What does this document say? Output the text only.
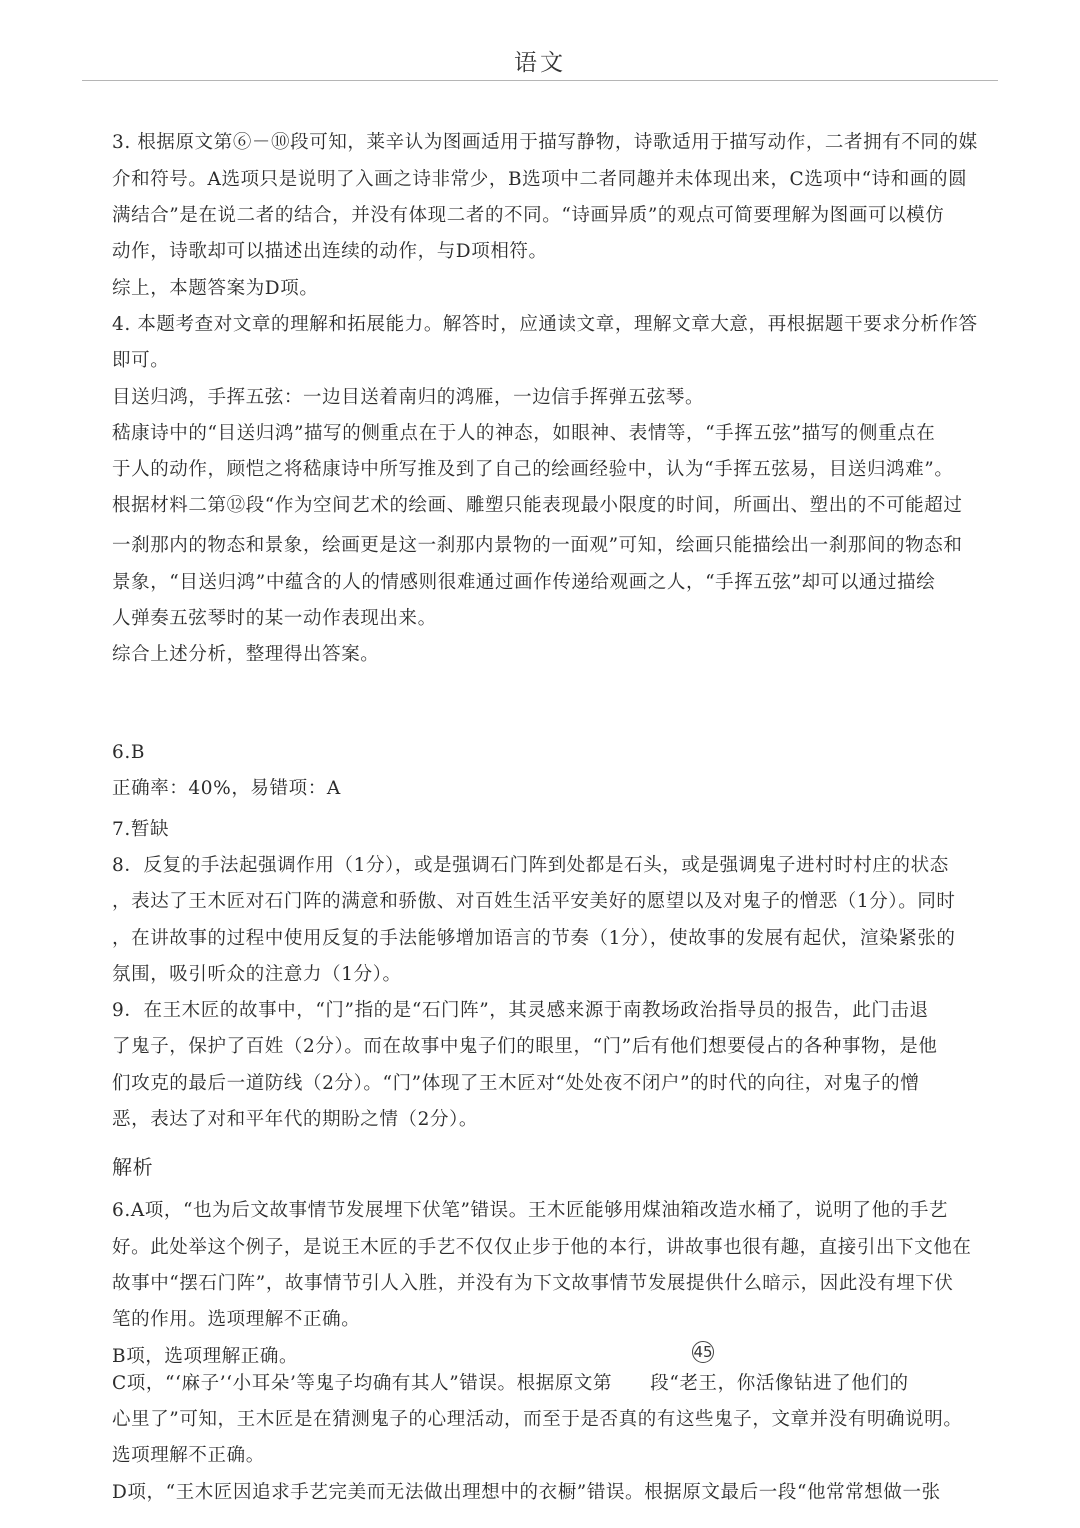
语文
3. 根据原文第⑥－⑩段可知，莱辛认为图画适用于描写静物，诗歌适用于描写动作，二者拥有不同的媒
介和符号。A选项只是说明了入画之诗非常少，B选项中二者同趣并未体现出来，C选项中“诗和画的圆
满结合”是在说二者的结合，并没有体现二者的不同。“诗画异质”的观点可简要理解为图画可以模仿
动作，诗歌却可以描述出连续的动作，与D项相符。
综上，本题答案为D项。
4. 本题考查对文章的理解和拓展能力。解答时，应通读文章，理解文章大意，再根据题干要求分析作答
即可。
目送归鸿，手挥五弦：一边目送着南归的鸿雁，一边信手挥弹五弦琴。
嵇康诗中的“目送归鸿”描写的侧重点在于人的神态，如眼神、表情等，“手挥五弦”描写的侧重点在
于人的动作，顾恺之将嵇康诗中所写推及到了自己的绘画经验中，认为“手挥五弦易，目送归鸿难”。
根据材料二第⑫段“作为空间艺术的绘画、雕塑只能表现最小限度的时间，所画出、塑出的不可能超过
一刹那内的物态和景象，绘画更是这一刹那内景物的一面观”可知，绘画只能描绘出一刹那间的物态和
景象，“目送归鸿”中蕴含的人的情感则很难通过画作传递给观画之人，“手挥五弦”却可以通过描绘
人弹奏五弦琴时的某一动作表现出来。
综合上述分析，整理得出答案。
6.B
正确率：40%，易错项：A
7.暂缺
8．反复的手法起强调作用（1分），或是强调石门阵到处都是石头，或是强调鬼子进村时村庄的状态
，表达了王木匠对石门阵的满意和骄傲、对百姓生活平安美好的愿望以及对鬼子的憎恶（1分）。同时
，在讲故事的过程中使用反复的手法能够增加语言的节奏（1分），使故事的发展有起伏，渲染紧张的
氛围，吸引听众的注意力（1分）。
9．在王木匠的故事中，“门”指的是“石门阵”，其灵感来源于南教场政治指导员的报告，此门击退
了鬼子，保护了百姓（2分）。而在故事中鬼子们的眼里，“门”后有他们想要侵占的各种事物，是他
们攻克的最后一道防线（2分）。“门”体现了王木匠对“处处夜不闭户”的时代的向往，对鬼子的憎
恶，表达了对和平年代的期盼之情（2分）。
解析
6.A项，“也为后文故事情节发展埋下伏笔”错误。王木匠能够用煤油箱改造水桶了，说明了他的手艺
好。此处举这个例子，是说王木匠的手艺不仅仅止步于他的本行，讲故事也很有趣，直接引出下文他在
故事中“摆石门阵”，故事情节引人入胜，并没有为下文故事情节发展提供什么暗示，因此没有埋下伏
笔的作用。选项理解不正确。
B项，选项理解正确。
C项，“‘麻子’‘小耳朵’等鬼子均确有其人”错误。根据原文第　　段“老王，你活像钻进了他们的
心里了”可知，王木匠是在猜测鬼子的心理活动，而至于是否真的有这些鬼子，文章并没有明确说明。
选项理解不正确。
D项，“王木匠因追求手艺完美而无法做出理想中的衣橱”错误。根据原文最后一段“他常常想做一张
45
